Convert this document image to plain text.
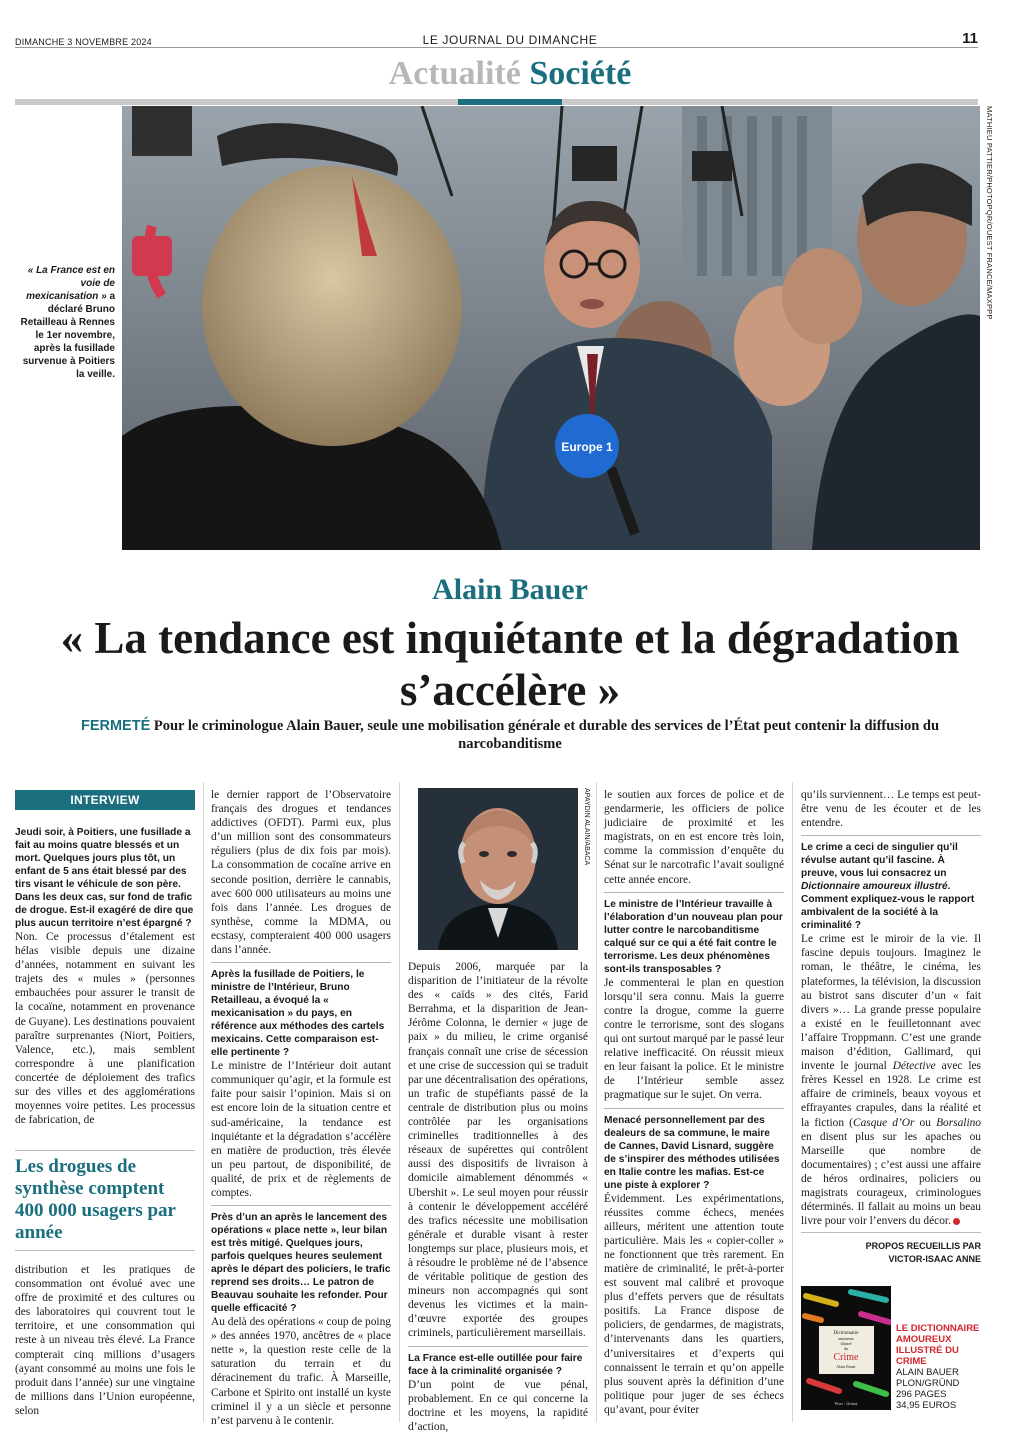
DIMANCHE 3 NOVEMBRE 2024	LE JOURNAL DU DIMANCHE	11
Actualité Société
Europe 1
MATHIEU PATTIER/PHOTOPQR/OUEST FRANCE/MAXPPP
« La France est en voie de mexicanisation » a déclaré Bruno Retailleau à Rennes le 1er novembre, après la fusillade survenue à Poitiers la veille.
Alain Bauer
« La tendance est inquiétante et la dégradation s’accélère »
FERMETÉ Pour le criminologue Alain Bauer, seule une mobilisation générale et durable des services de l’État peut contenir la diffusion du narcobanditisme
INTERVIEW

Jeudi soir, à Poitiers, une fusillade a fait au moins quatre blessés et un mort. Quelques jours plus tôt, un enfant de 5 ans était blessé par des tirs visant le véhicule de son père. Dans les deux cas, sur fond de trafic de drogue. Est-il exagéré de dire que plus aucun territoire n’est épargné ?

Non. Ce processus d’étalement est hélas visible depuis une dizaine d’années, notamment en suivant les trajets des « mules » (personnes embauchées pour assurer le transit de la cocaïne, notamment en provenance de Guyane). Les destinations pouvaient paraître surprenantes (Niort, Poitiers, Valence, etc.), mais semblent correspondre à une planification concertée de déploiement des trafics sur des villes et des agglomérations moyennes voire petites. Les processus de fabrication, de

Les drogues de synthèse comptent 400 000 usagers par année

distribution et les pratiques de consommation ont évolué avec une offre de proximité et des cultures ou des laboratoires qui couvrent tout le territoire, et une consommation qui reste à un niveau très élevé. La France compterait cinq millions d’usagers (ayant consommé au moins une fois le produit dans l’année) sur une vingtaine de millions dans l’Union européenne, selon

le dernier rapport de l’Observatoire français des drogues et tendances addictives (OFDT). Parmi eux, plus d’un million sont des consommateurs réguliers (plus de dix fois par mois). La consommation de cocaïne arrive en seconde position, derrière le cannabis, avec 600 000 utilisateurs au moins une fois dans l’année. Les drogues de synthèse, comme la MDMA, ou ecstasy, compteraient 400 000 usagers dans l’année.

Après la fusillade de Poitiers, le ministre de l’Intérieur, Bruno Retailleau, a évoqué la « mexicanisation » du pays, en référence aux méthodes des cartels mexicains. Cette comparaison est-elle pertinente ?

Le ministre de l’Intérieur doit autant communiquer qu’agir, et la formule est faite pour saisir l’opinion. Mais si on est encore loin de la situation centre et sud-américaine, la tendance est inquiétante et la dégradation s’accélère en matière de production, très élevée un peu partout, de disponibilité, de qualité, de prix et de règlements de comptes.

Près d’un an après le lancement des opérations « place nette », leur bilan est très mitigé. Quelques jours, parfois quelques heures seulement après le départ des policiers, le trafic reprend ses droits… Le patron de Beauvau souhaite les refonder. Pour quelle efficacité ?

Au delà des opérations « coup de poing » des années 1970, ancêtres de « place nette », la question reste celle de la saturation du terrain et du déracinement du trafic. À Marseille, Carbone et Spirito ont installé un kyste criminel il y a un siècle et personne n’est parvenu à le contenir.

APAYDIN ALAIN/ABACA

Depuis 2006, marquée par la disparition de l’initiateur de la révolte des « caïds » des cités, Farid Berrahma, et la disparition de Jean-Jérôme Colonna, le dernier « juge de paix » du milieu, le crime organisé français connaît une crise de sécession et une crise de succession qui se traduit par une décentralisation des opérations, un trafic de stupéfiants passé de la centrale de distribution plus ou moins contrôlée par les organisations criminelles traditionnelles à des réseaux de supérettes qui contrôlent aussi des dispositifs de livraison à domicile aimablement dénommés « Ubershit ». Le seul moyen pour réussir à contenir le développement accéléré des trafics nécessite une mobilisation générale et durable visant à rester longtemps sur place, plusieurs mois, et à résoudre le problème né de l’absence de véritable politique de gestion des mineurs non accompagnés qui sont devenus les victimes et la main-d’œuvre exportée des groupes criminels, particulièrement marseillais.

La France est-elle outillée pour faire face à la criminalité organisée ?

D’un point de vue pénal, probablement. En ce qui concerne la doctrine et les moyens, la rapidité d’action,

le soutien aux forces de police et de gendarmerie, les officiers de police judiciaire de proximité et les magistrats, on en est encore très loin, comme la commission d’enquête du Sénat sur le narcotrafic l’avait souligné cette année encore.

Le ministre de l’Intérieur travaille à l’élaboration d’un nouveau plan pour lutter contre le narcobanditisme calqué sur ce qui a été fait contre le terrorisme. Les deux phénomènes sont-ils transposables ?

Je commenterai le plan en question lorsqu’il sera connu. Mais la guerre contre la drogue, comme la guerre contre le terrorisme, sont des slogans qui ont surtout marqué par le passé leur relative inefficacité. On réussit mieux en leur faisant la police. Et le ministre de l’Intérieur semble assez pragmatique sur le sujet. On verra.

Menacé personnellement par des dealeurs de sa commune, le maire de Cannes, David Lisnard, suggère de s’inspirer des méthodes utilisées en Italie contre les mafias. Est-ce une piste à explorer ?

Évidemment. Les expérimentations, réussites comme échecs, menées ailleurs, méritent une attention toute particulière. Mais les « copier-coller » ne fonctionnent que très rarement. En matière de criminalité, le prêt-à-porter est souvent mal calibré et provoque plus d’effets pervers que de résultats positifs. La France dispose de policiers, de gendarmes, de magistrats, d’intervenants dans les quartiers, d’universitaires et d’experts qui connaissent le terrain et qu’on appelle plus souvent après la définition d’une politique pour juger de ses échecs qu’avant, pour éviter

qu’ils surviennent… Le temps est peut-être venu de les écouter et de les entendre.

Le crime a ceci de singulier qu’il révulse autant qu’il fascine. À preuve, vous lui consacrez un Dictionnaire amoureux illustré. Comment expliquez-vous le rapport ambivalent de la société à la criminalité ?

Le crime est le miroir de la vie. Il fascine depuis toujours. Imaginez le roman, le théâtre, le cinéma, les plateformes, la télévision, la discussion au bistrot sans discuter d’un « fait divers »… La grande presse populaire a existé en le feuilletonnant avec l’affaire Troppmann. C’est une grande maison d’édition, Gallimard, qui invente le journal Détective avec les frères Kessel en 1928. Le crime est affaire de criminels, beaux voyous et effrayantes crapules, dans la réalité et la fiction (Casque d’Or ou Borsalino en disent plus sur les apaches ou Marseille que nombre de documentaires) ; c’est aussi une affaire de héros ordinaires, policiers ou magistrats courageux, criminologues déterminés. Il fallait au moins un beau livre pour voir l’envers du décor.

PROPOS RECUEILLIS PAR
VICTOR-ISAAC ANNE
Dictionnaire
amoureux
illustré
du
Crime
Alain Bauer
Plon · Gründ
LE DICTIONNAIRE AMOUREUX ILLUSTRÉ DU CRIME
ALAIN BAUER
PLON/GRÜND
296 PAGES
34,95 EUROS
